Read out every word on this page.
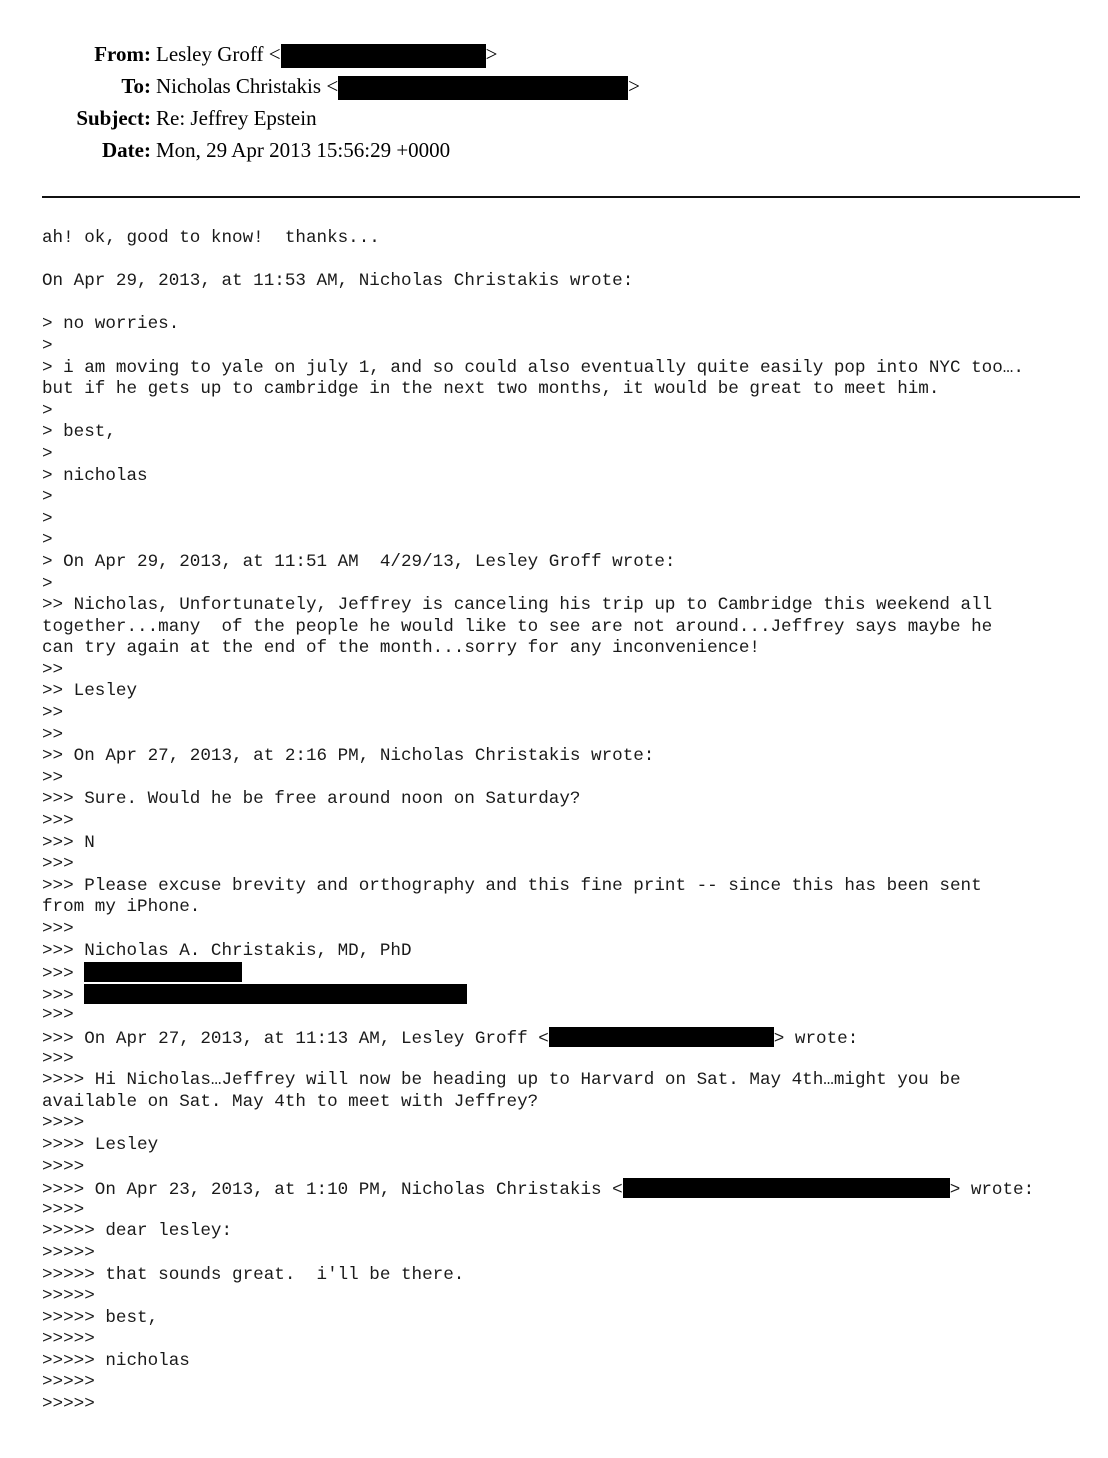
From: Lesley Groff <	>
To: Nicholas Christakis <	>
Subject: Re: Jeffrey Epstein
Date: Mon, 29 Apr 2013 15:56:29 +0000
ah! ok, good to know!  thanks...
On Apr 29, 2013, at 11:53 AM, Nicholas Christakis wrote:
> no worries.
>
> i am moving to yale on july 1, and so could also eventually quite easily pop into NYC too….
but if he gets up to cambridge in the next two months, it would be great to meet him.
>
> best,
>
> nicholas
>
>
>
> On Apr 29, 2013, at 11:51 AM  4/29/13, Lesley Groff wrote:
>
>> Nicholas, Unfortunately, Jeffrey is canceling his trip up to Cambridge this weekend all
together...many  of the people he would like to see are not around...Jeffrey says maybe he
can try again at the end of the month...sorry for any inconvenience!
>>
>> Lesley
>>
>>
>> On Apr 27, 2013, at 2:16 PM, Nicholas Christakis wrote:
>>
>>> Sure. Would he be free around noon on Saturday?
>>>
>>> N
>>>
>>> Please excuse brevity and orthography and this fine print -- since this has been sent
from my iPhone.
>>>
>>> Nicholas A. Christakis, MD, PhD
>>>
>>>
>>>
>>> On Apr 27, 2013, at 11:13 AM, Lesley Groff <	> wrote:
>>>
>>>> Hi Nicholas…Jeffrey will now be heading up to Harvard on Sat. May 4th…might you be
available on Sat. May 4th to meet with Jeffrey?
>>>>
>>>> Lesley
>>>>
>>>> On Apr 23, 2013, at 1:10 PM, Nicholas Christakis <	> wrote:
>>>>
>>>>> dear lesley:
>>>>>
>>>>> that sounds great.  i'll be there.
>>>>>
>>>>> best,
>>>>>
>>>>> nicholas
>>>>>
>>>>>
